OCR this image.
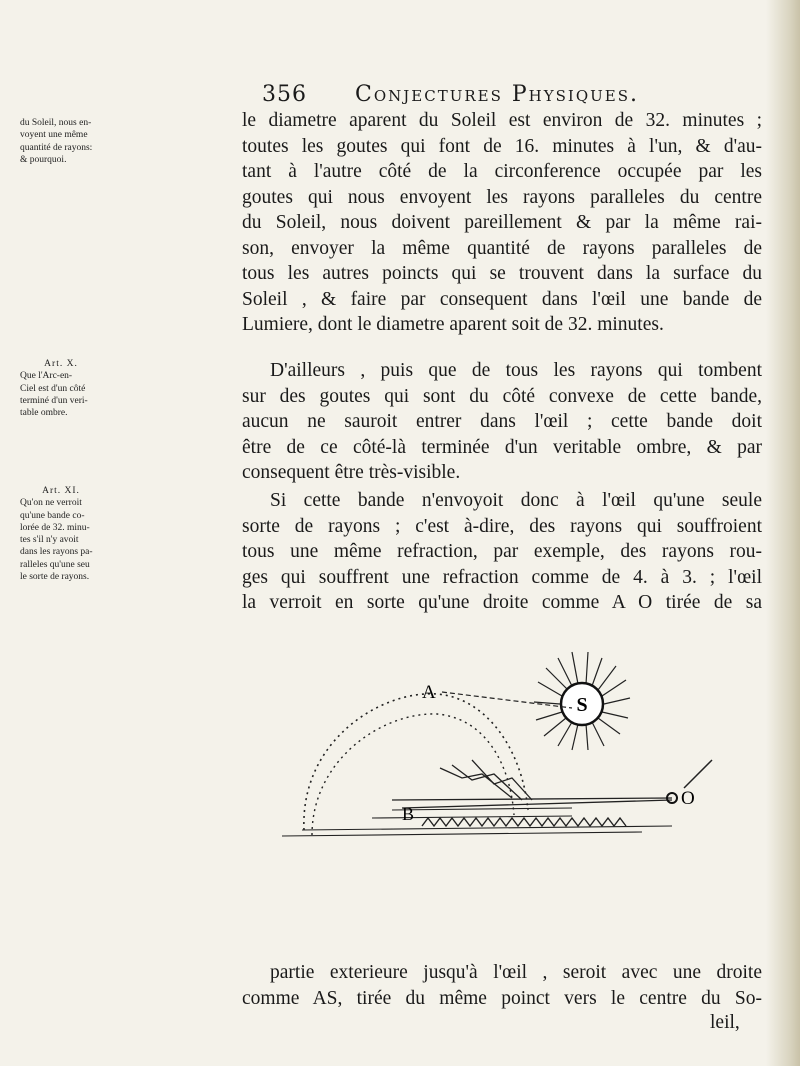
356 Conjectures Physiques.
du Soleil, nous en-
voyent une même
quantité de rayons:
& pourquoi.
Art. X.
Que l'Arc-en-
Ciel est d'un côté
terminé d'un veri-
table ombre.
Art. XI.
Qu'on ne verroit
qu'une bande co-
lorée de 32. minu-
tes s'il n'y avoit
dans les rayons pa-
ralleles qu'une seu
le sorte de rayons.
le diametre aparent du Soleil est environ de 32. minutes ;
toutes les goutes qui font de 16. minutes à l'un, & d'au-
tant à l'autre côté de la circonference occupée par les
goutes qui nous envoyent les rayons paralleles du centre
du Soleil, nous doivent pareillement & par la même rai-
son, envoyer la même quantité de rayons paralleles de
tous les autres poincts qui se trouvent dans la surface du
Soleil , & faire par consequent dans l'œil une bande de
Lumiere, dont le diametre aparent soit de 32. minutes.
D'ailleurs , puis que de tous les rayons qui tombent
sur des goutes qui sont du côté convexe de cette bande,
aucun ne sauroit entrer dans l'œil ; cette bande doit
être de ce côté-là terminée d'un veritable ombre, & par
consequent être très-visible.
Si cette bande n'envoyoit donc à l'œil qu'une seule
sorte de rayons ; c'est à-dire, des rayons qui souffroient
tous une même refraction, par exemple, des rayons rou-
ges qui souffrent une refraction comme de 4. à 3. ; l'œil
la verroit en sorte qu'une droite comme A O tirée de sa
S
A
O
B
partie exterieure jusqu'à l'œil , seroit avec une droite
comme AS, tirée du même poinct vers le centre du So-
leil,
